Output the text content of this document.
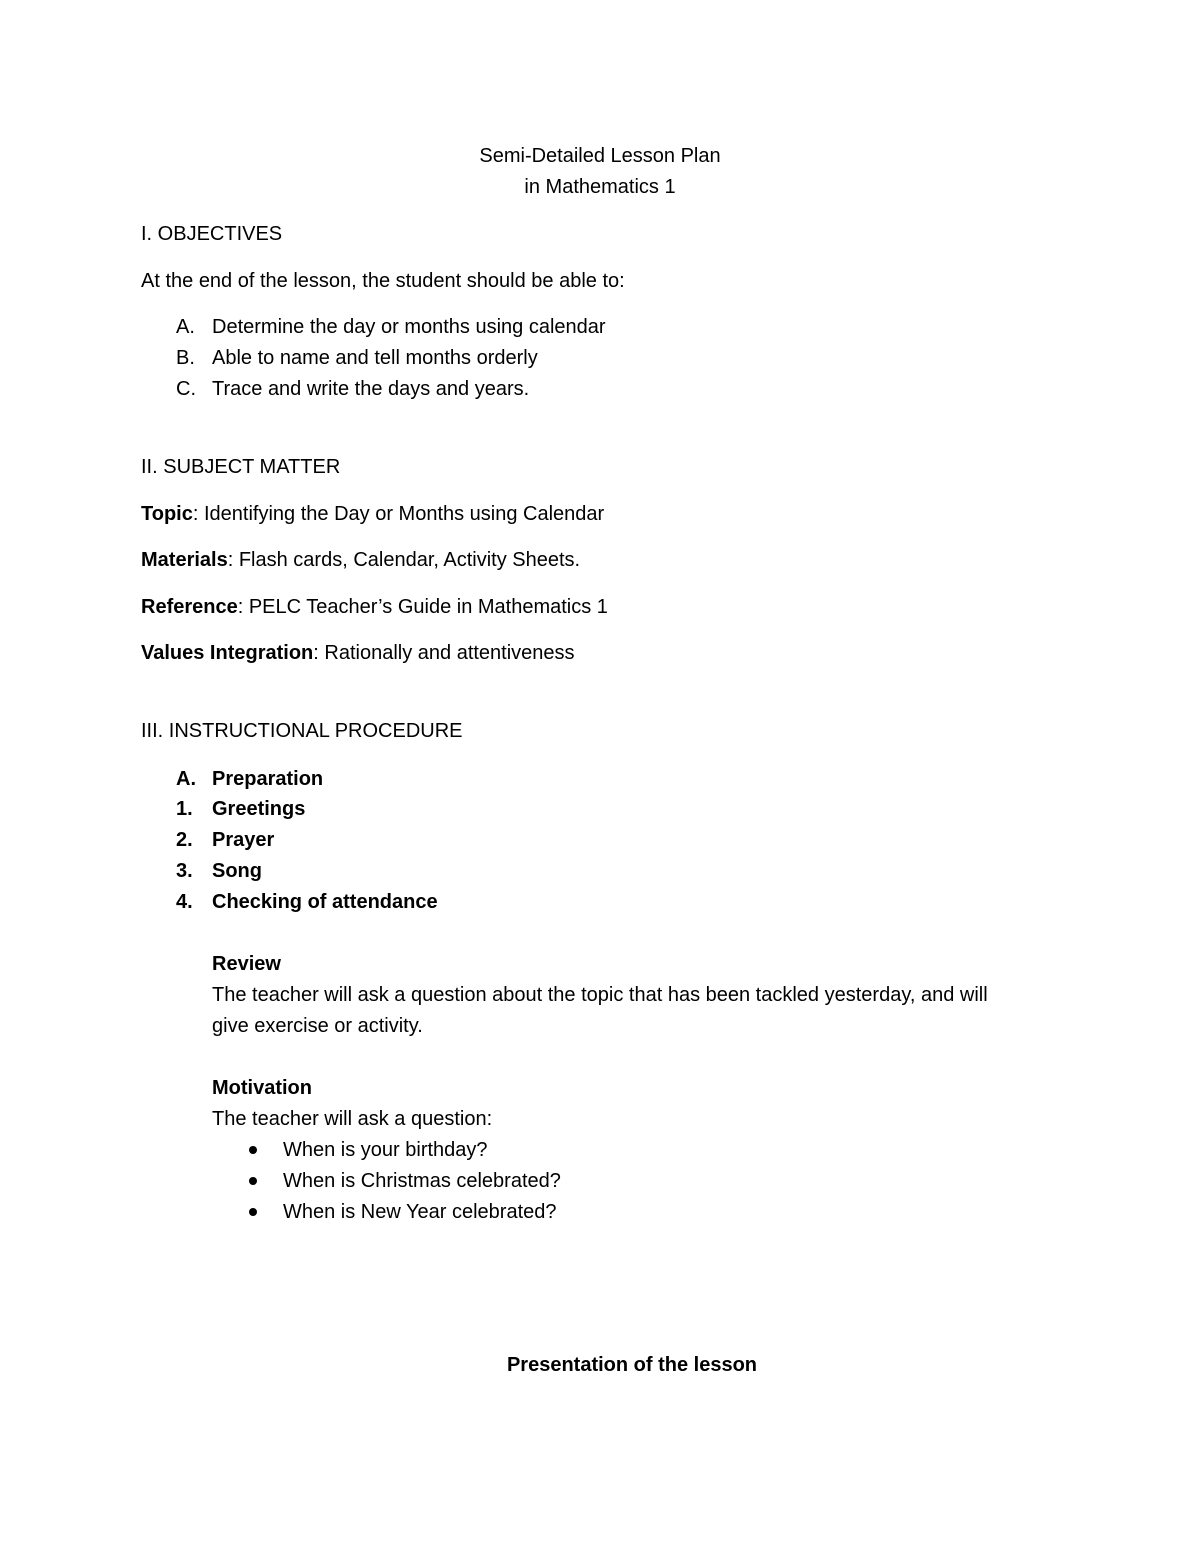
Semi-Detailed Lesson Plan
in Mathematics 1
I. OBJECTIVES
At the end of the lesson, the student should be able to:
A. Determine the day or months using calendar
B. Able to name and tell months orderly
C. Trace and write the days and years.
II. SUBJECT MATTER
Topic: Identifying the Day or Months using Calendar
Materials: Flash cards, Calendar, Activity Sheets.
Reference: PELC Teacher’s Guide in Mathematics 1
Values Integration: Rationally and attentiveness
III. INSTRUCTIONAL PROCEDURE
A. Preparation
1. Greetings
2. Prayer
3. Song
4. Checking of attendance
Review
The teacher will ask a question about the topic that has been tackled yesterday, and will
give exercise or activity.
Motivation
The teacher will ask a question:
When is your birthday?
When is Christmas celebrated?
When is New Year celebrated?
Presentation of the lesson
